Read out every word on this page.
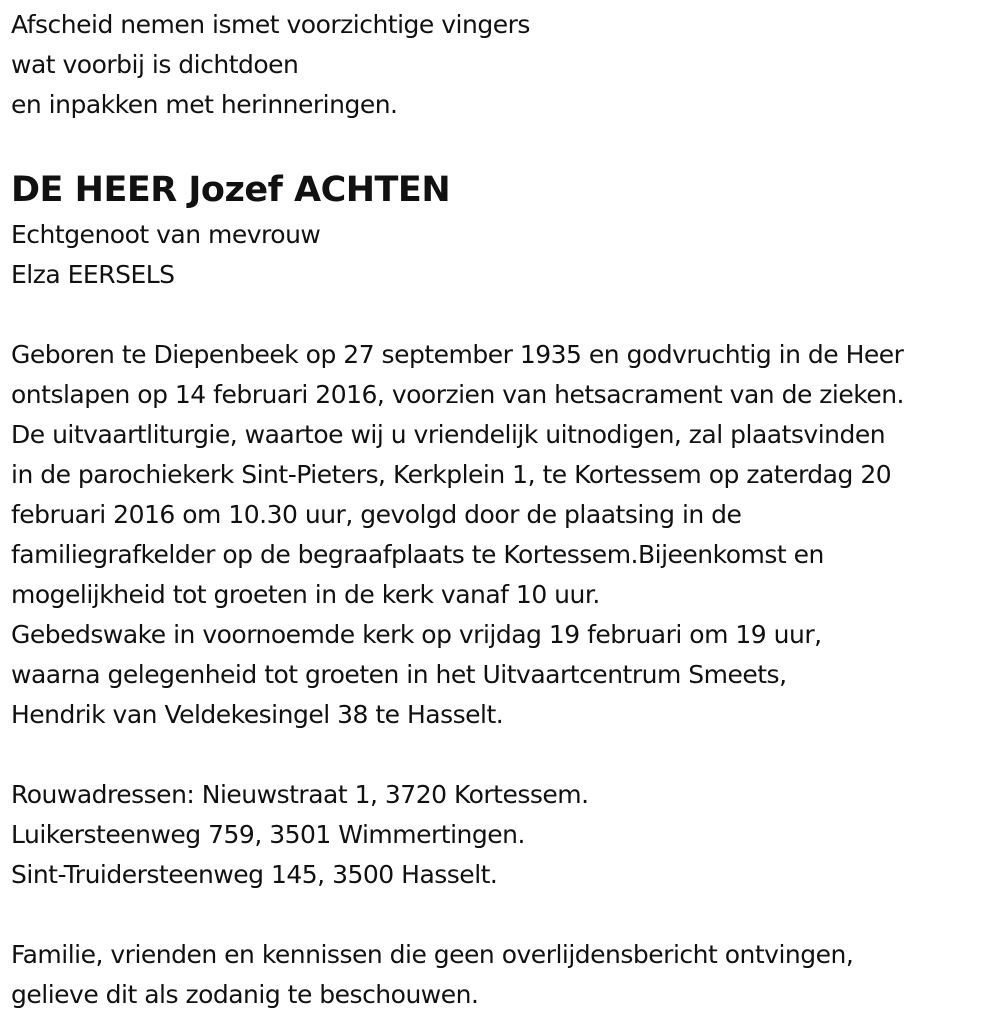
Afscheid nemen ismet voorzichtige vingers
wat voorbij is dichtdoen
en inpakken met herinneringen.
DE HEER Jozef ACHTEN
Echtgenoot van mevrouw
Elza EERSELS
Geboren te Diepenbeek op 27 september 1935 en godvruchtig in de Heer
ontslapen op 14 februari 2016, voorzien van hetsacrament van de zieken.
De uitvaartliturgie, waartoe wij u vriendelijk uitnodigen, zal plaatsvinden
in de parochiekerk Sint-Pieters, Kerkplein 1, te Kortessem op zaterdag 20
februari 2016 om 10.30 uur, gevolgd door de plaatsing in de
familiegrafkelder op de begraafplaats te Kortessem.Bijeenkomst en
mogelijkheid tot groeten in de kerk vanaf 10 uur.
Gebedswake in voornoemde kerk op vrijdag 19 februari om 19 uur,
waarna gelegenheid tot groeten in het Uitvaartcentrum Smeets,
Hendrik van Veldekesingel 38 te Hasselt.
Rouwadressen: Nieuwstraat 1, 3720 Kortessem.
Luikersteenweg 759, 3501 Wimmertingen.
Sint-Truidersteenweg 145, 3500 Hasselt.
Familie, vrienden en kennissen die geen overlijdensbericht ontvingen,
gelieve dit als zodanig te beschouwen.
